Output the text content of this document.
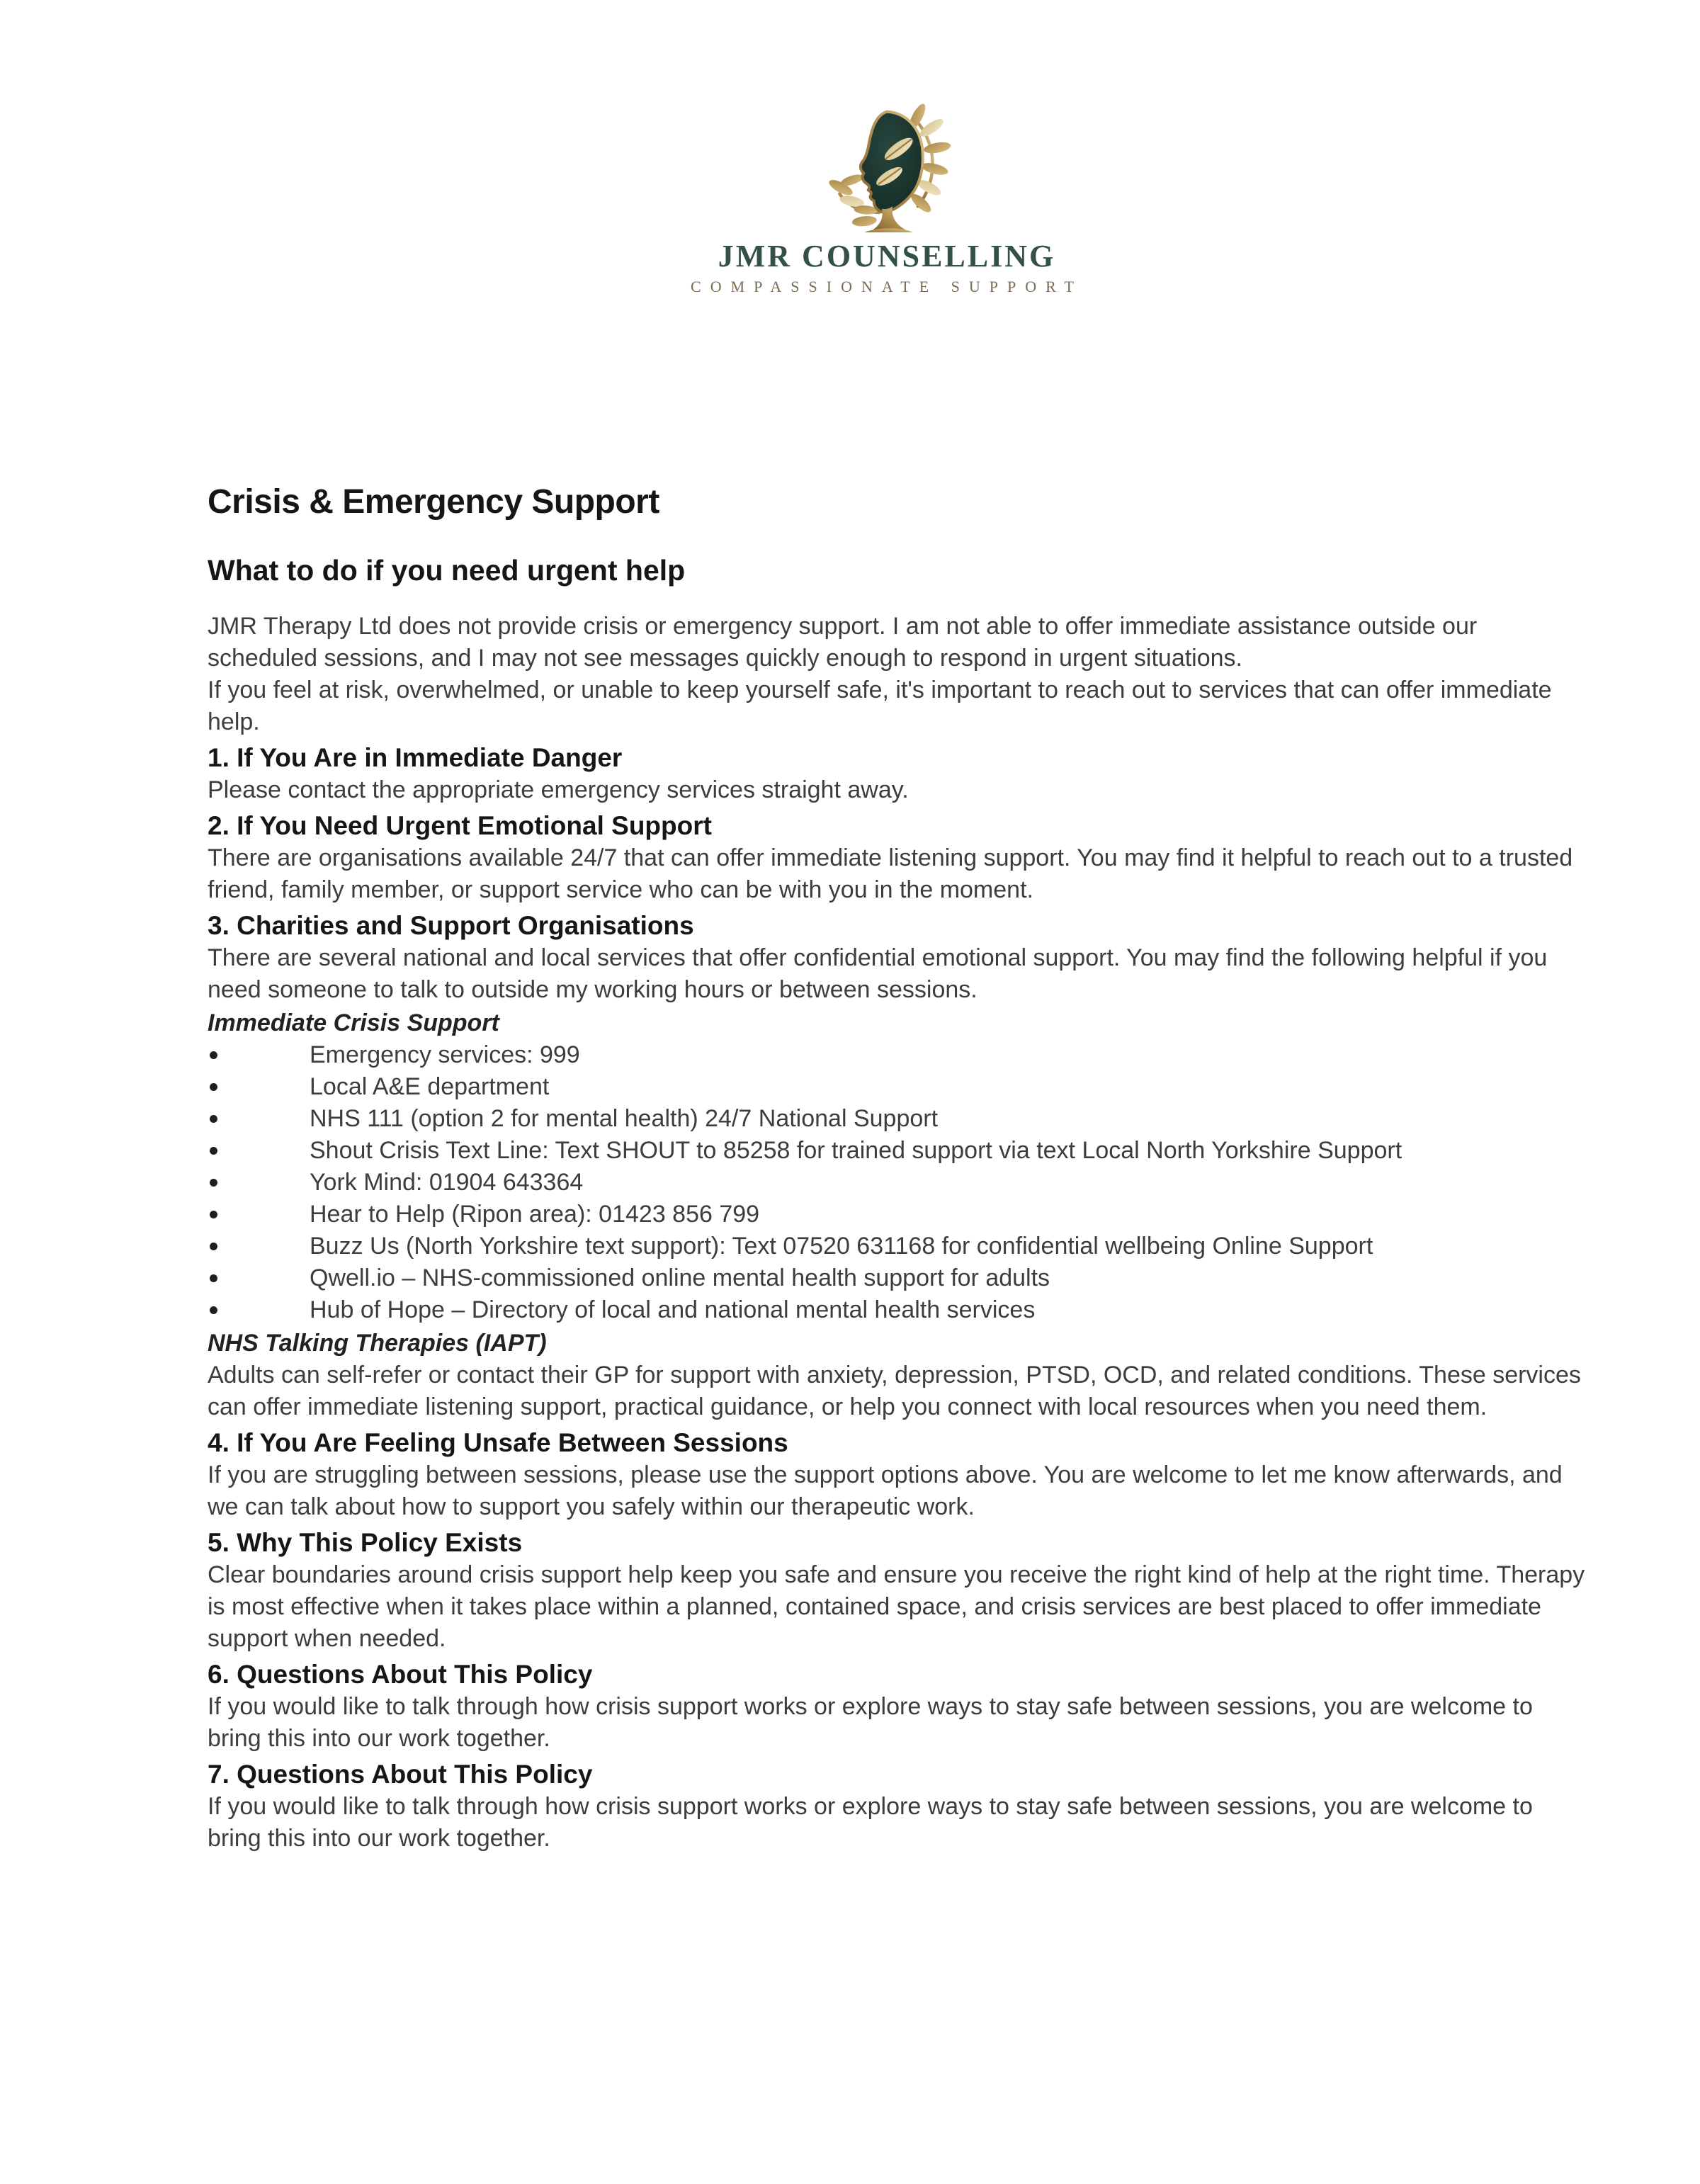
JMR COUNSELLING
COMPASSIONATE SUPPORT
Crisis & Emergency Support
What to do if you need urgent help

JMR Therapy Ltd does not provide crisis or emergency support. I am not able to offer immediate assistance outside our scheduled sessions, and I may not see messages quickly enough to respond in urgent situations.

If you feel at risk, overwhelmed, or unable to keep yourself safe, it's important to reach out to services that can offer immediate help.

1. If You Are in Immediate Danger

Please contact the appropriate emergency services straight away.

2. If You Need Urgent Emotional Support

There are organisations available 24/7 that can offer immediate listening support. You may find it helpful to reach out to a trusted friend, family member, or support service who can be with you in the moment.

3. Charities and Support Organisations

There are several national and local services that offer confidential emotional support. You may find the following helpful if you need someone to talk to outside my working hours or between sessions.

Immediate Crisis Support
Emergency services: 999
Local A&E department
NHS 111 (option 2 for mental health) 24/7 National Support
Shout Crisis Text Line: Text SHOUT to 85258 for trained support via text Local North Yorkshire Support
York Mind: 01904 643364
Hear to Help (Ripon area): 01423 856 799
Buzz Us (North Yorkshire text support): Text 07520 631168 for confidential wellbeing Online Support
Qwell.io – NHS-commissioned online mental health support for adults
Hub of Hope – Directory of local and national mental health services
NHS Talking Therapies (IAPT)

Adults can self-refer or contact their GP for support with anxiety, depression, PTSD, OCD, and related conditions. These services can offer immediate listening support, practical guidance, or help you connect with local resources when you need them.

4. If You Are Feeling Unsafe Between Sessions

If you are struggling between sessions, please use the support options above. You are welcome to let me know afterwards, and we can talk about how to support you safely within our therapeutic work.

5. Why This Policy Exists

Clear boundaries around crisis support help keep you safe and ensure you receive the right kind of help at the right time. Therapy is most effective when it takes place within a planned, contained space, and crisis services are best placed to offer immediate support when needed.

6. Questions About This Policy

If you would like to talk through how crisis support works or explore ways to stay safe between sessions, you are welcome to bring this into our work together.

7. Questions About This Policy

If you would like to talk through how crisis support works or explore ways to stay safe between sessions, you are welcome to bring this into our work together.
